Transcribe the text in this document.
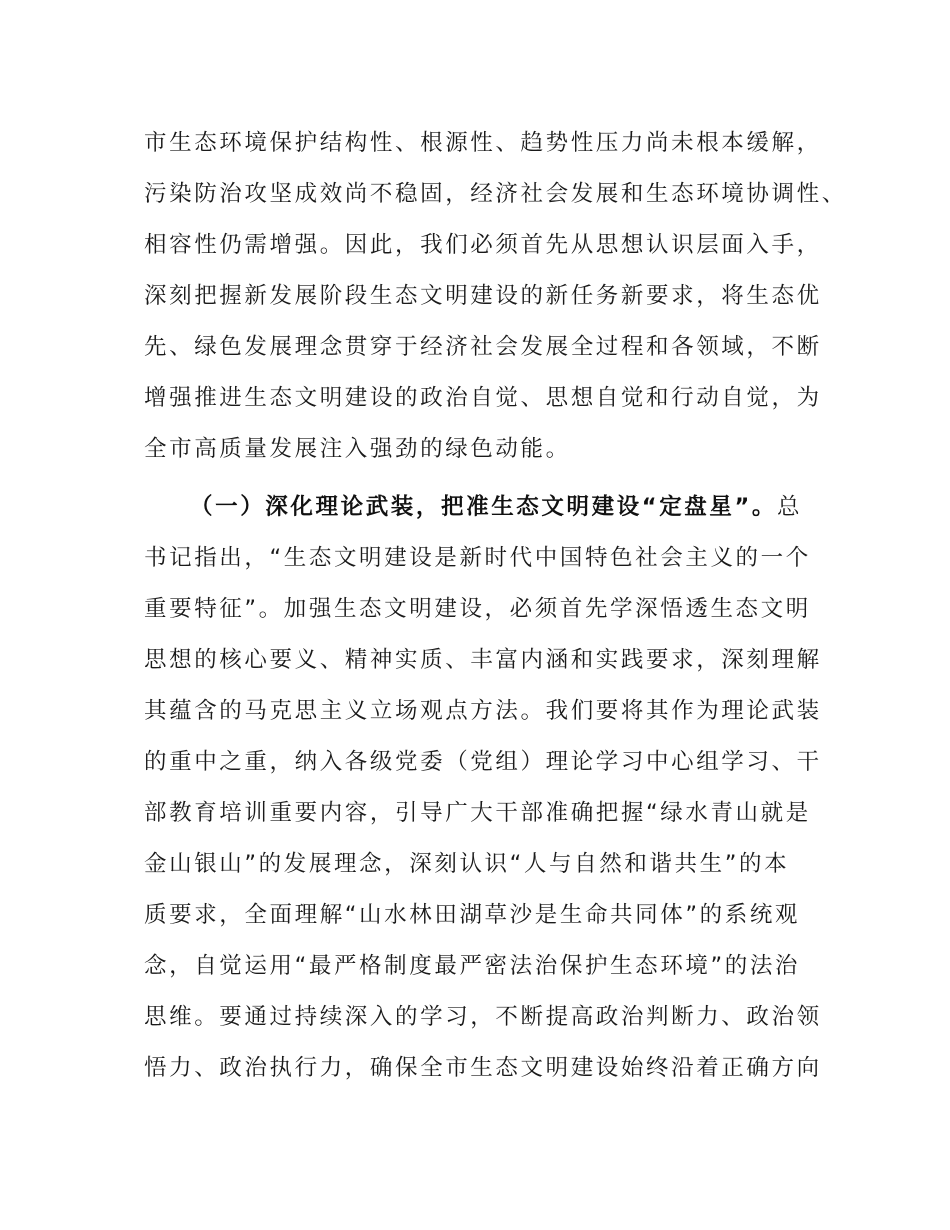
市生态环境保护结构性、根源性、趋势性压力尚未根本缓解，
污染防治攻坚成效尚不稳固，经济社会发展和生态环境协调性、
相容性仍需增强。因此，我们必须首先从思想认识层面入手，
深刻把握新发展阶段生态文明建设的新任务新要求，将生态优
先、绿色发展理念贯穿于经济社会发展全过程和各领域，不断
增强推进生态文明建设的政治自觉、思想自觉和行动自觉，为
全市高质量发展注入强劲的绿色动能。
（一）深化理论武装，把准生态文明建设“定盘星”。总
书记指出，“生态文明建设是新时代中国特色社会主义的一个
重要特征”。加强生态文明建设，必须首先学深悟透生态文明
思想的核心要义、精神实质、丰富内涵和实践要求，深刻理解
其蕴含的马克思主义立场观点方法。我们要将其作为理论武装
的重中之重，纳入各级党委（党组）理论学习中心组学习、干
部教育培训重要内容，引导广大干部准确把握“绿水青山就是
金山银山”的发展理念，深刻认识“人与自然和谐共生”的本
质要求，全面理解“山水林田湖草沙是生命共同体”的系统观
念，自觉运用“最严格制度最严密法治保护生态环境”的法治
思维。要通过持续深入的学习，不断提高政治判断力、政治领
悟力、政治执行力，确保全市生态文明建设始终沿着正确方向
